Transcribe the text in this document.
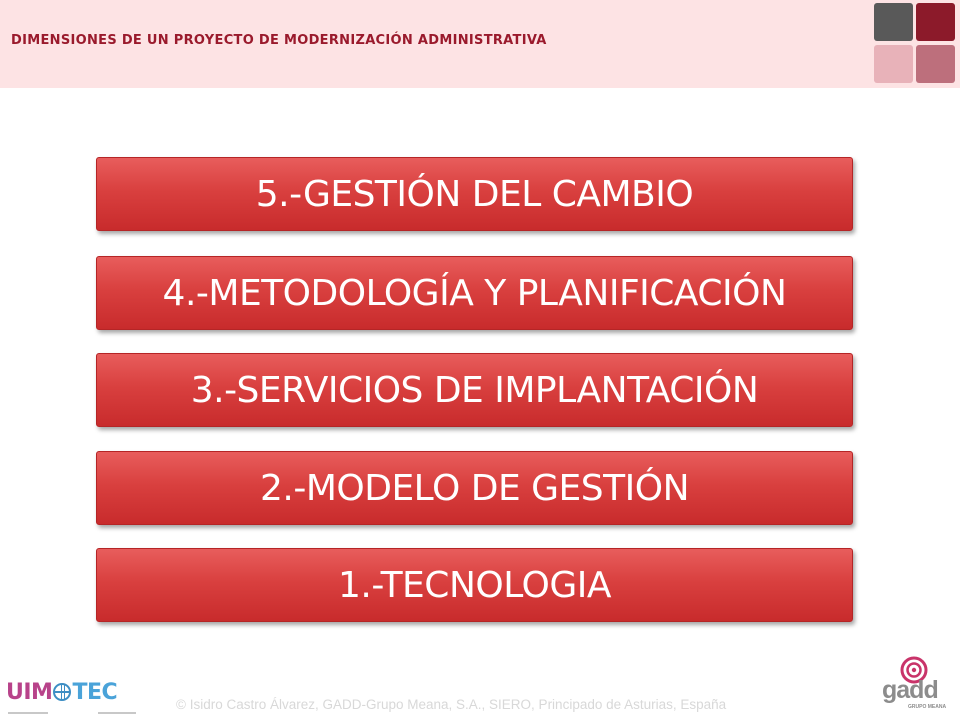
DIMENSIONES DE UN PROYECTO DE MODERNIZACIÓN ADMINISTRATIVA
5.-GESTIÓN DEL CAMBIO
4.-METODOLOGÍA Y PLANIFICACIÓN
3.-SERVICIOS DE IMPLANTACIÓN
2.-MODELO DE GESTIÓN
1.-TECNOLOGIA
UIM TEC	© Isidro Castro Álvarez, GADD-Grupo Meana, S.A., SIERO, Principado de Asturias, España
gadd
GRUPO MEANA
